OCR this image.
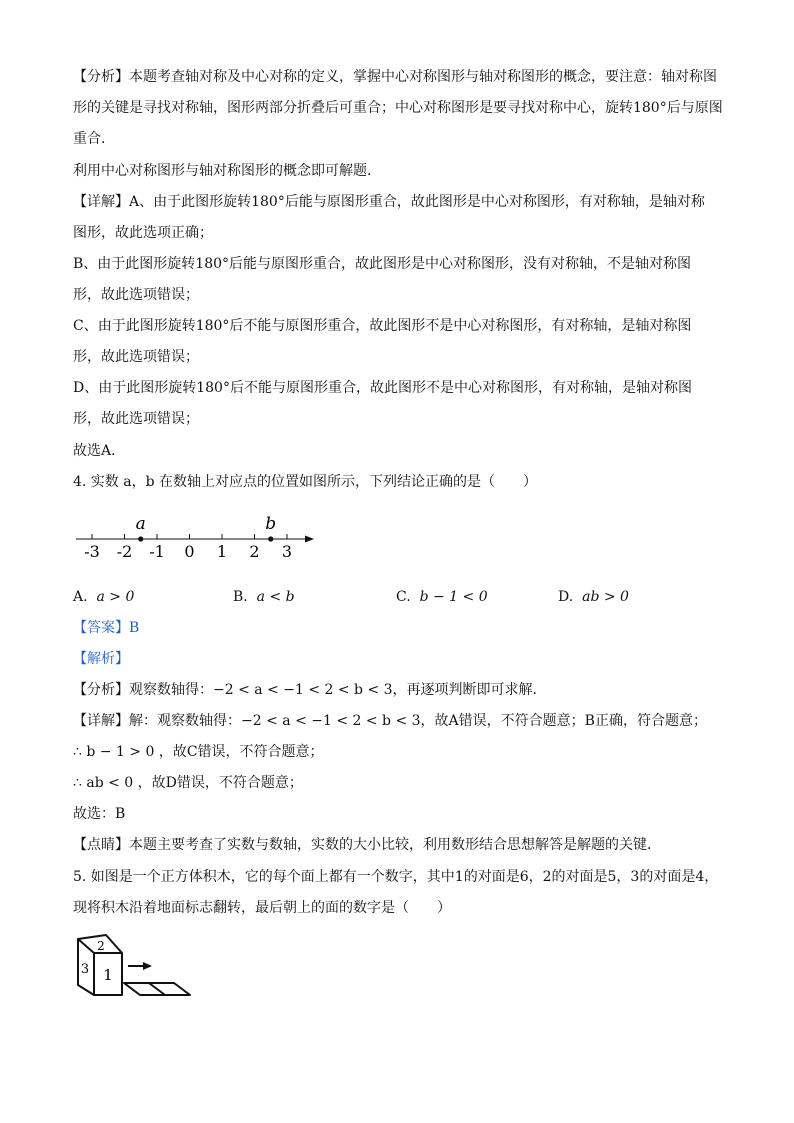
【分析】本题考查轴对称及中心对称的定义，掌握中心对称图形与轴对称图形的概念，要注意：轴对称图
形的关键是寻找对称轴，图形两部分折叠后可重合；中心对称图形是要寻找对称中心，旋转180°后与原图
重合．
利用中心对称图形与轴对称图形的概念即可解题．
【详解】A、由于此图形旋转180°后能与原图形重合，故此图形是中心对称图形，有对称轴，是轴对称
图形，故此选项正确；
B、由于此图形旋转180°后能与原图形重合，故此图形是中心对称图形，没有对称轴，不是轴对称图
形，故此选项错误；
C、由于此图形旋转180°后不能与原图形重合，故此图形不是中心对称图形，有对称轴，是轴对称图
形，故此选项错误；
D、由于此图形旋转180°后不能与原图形重合，故此图形不是中心对称图形，有对称轴，是轴对称图
形，故此选项错误；
故选A．
4. 实数 a，b 在数轴上对应点的位置如图所示，下列结论正确的是（　　）
-3 -2 -1 0 1 2 3
a	b
A. a > 0	B. a < b	C. b − 1 < 0	D. ab > 0
【答案】B
【解析】
【分析】观察数轴得：−2 < a < −1 < 2 < b < 3，再逐项判断即可求解．
【详解】解：观察数轴得：−2 < a < −1 < 2 < b < 3，故A错误，不符合题意；B正确，符合题意；
∴ b − 1 > 0 ，故C错误，不符合题意；
∴ ab < 0 ，故D错误，不符合题意；
故选：B
【点睛】本题主要考查了实数与数轴，实数的大小比较，利用数形结合思想解答是解题的关键．
5. 如图是一个正方体积木，它的每个面上都有一个数字，其中1的对面是6，2的对面是5，3的对面是4，
现将积木沿着地面标志翻转，最后朝上的面的数字是（　　）
2
3 1
